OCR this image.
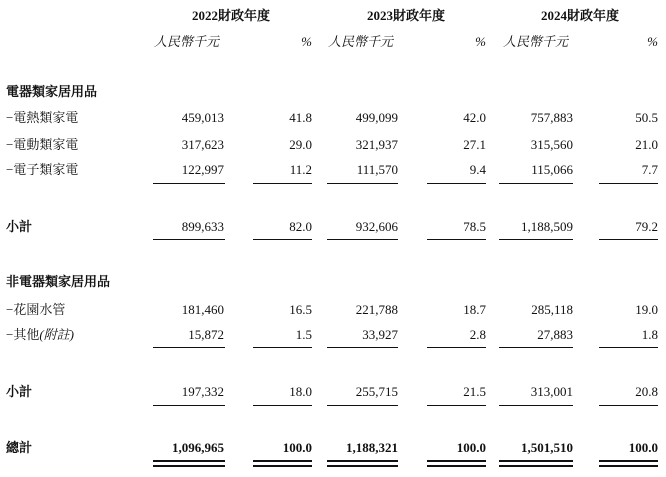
2022財政年度	2023財政年度	2024財政年度
人民幣千元	% 人民幣千元	% 人民幣千元	%
電器類家居用品
−電熱類家電	459,013	41.8	499,099	42.0	757,883	50.5
−電動類家電	317,623	29.0	321,937	27.1	315,560	21.0
−電子類家電	122,997	11.2	111,570	9.4	115,066	7.7
小計	899,633	82.0	932,606	78.5	1,188,509	79.2
非電器類家居用品
−花園水管	181,460	16.5	221,788	18.7	285,118	19.0
−其他(附註)	15,872	1.5	33,927	2.8	27,883	1.8
小計	197,332	18.0	255,715	21.5	313,001	20.8
總計	1,096,965	100.0	1,188,321	100.0	1,501,510	100.0
